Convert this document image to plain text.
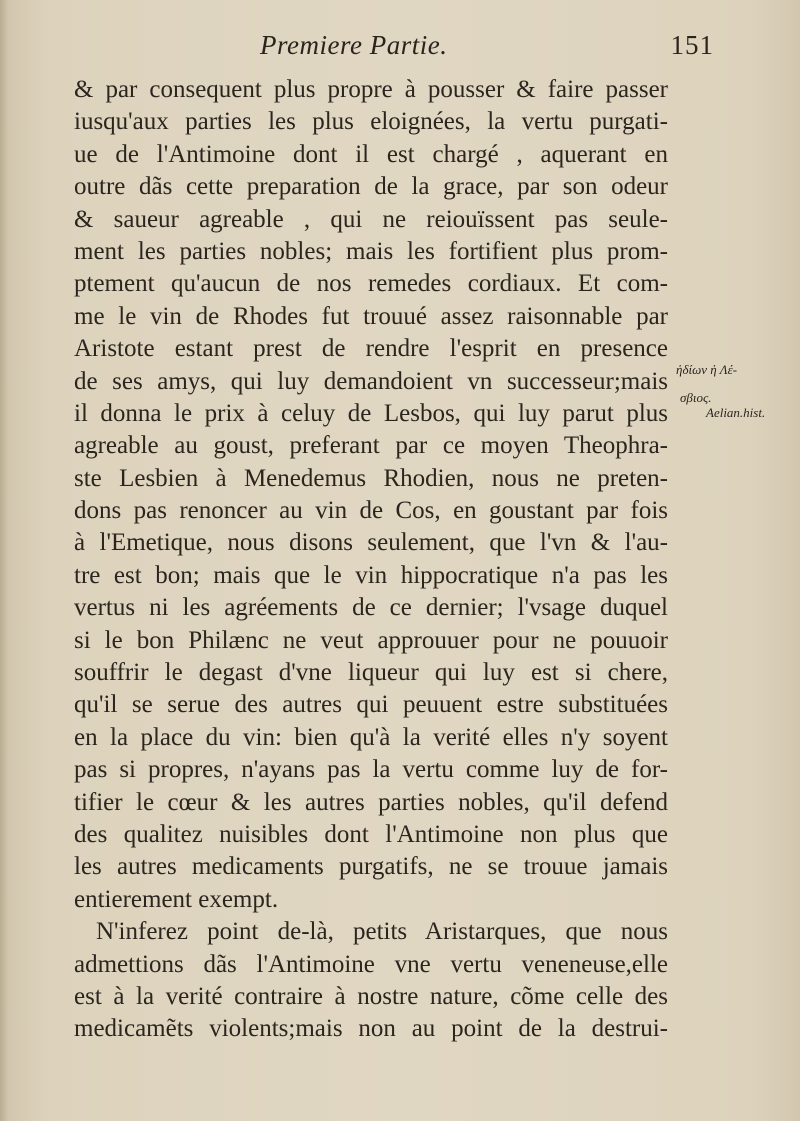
Premiere Partie.	151
& par consequent plus propre à pousser & faire passer
iusqu'aux parties les plus eloignées, la vertu purgati-
ue de l'Antimoine dont il est chargé , aquerant en
outre dãs cette preparation de la grace, par son odeur
& saueur agreable , qui ne reiouïssent pas seule-
ment les parties nobles; mais les fortifient plus prom-
ptement qu'aucun de nos remedes cordiaux. Et com-
me le vin de Rhodes fut trouué assez raisonnable par
Aristote estant prest de rendre l'esprit en presence
de ses amys, qui luy demandoient vn successeur;mais
il donna le prix à celuy de Lesbos, qui luy parut plus
agreable au goust, preferant par ce moyen Theophra-
ste Lesbien à Menedemus Rhodien, nous ne preten-
dons pas renoncer au vin de Cos, en goustant par fois
à l'Emetique, nous disons seulement, que l'vn & l'au-
tre est bon; mais que le vin hippocratique n'a pas les
vertus ni les agréements de ce dernier; l'vsage duquel
si le bon Philænc ne veut approuuer pour ne pouuoir
souffrir le degast d'vne liqueur qui luy est si chere,
qu'il se serue des autres qui peuuent estre substituées
en la place du vin: bien qu'à la verité elles n'y soyent
pas si propres, n'ayans pas la vertu comme luy de for-
tifier le cœur & les autres parties nobles, qu'il defend
des qualitez nuisibles dont l'Antimoine non plus que
les autres medicaments purgatifs, ne se trouue jamais
entierement exempt.
N'inferez point de-là, petits Aristarques, que nous
admettions dãs l'Antimoine vne vertu veneneuse,elle
est à la verité contraire à nostre nature, cõme celle des
medicamẽts violents;mais non au point de la destrui-
ἡδίων ἡ Λέ-
σβιος.
Aelian.hist.
